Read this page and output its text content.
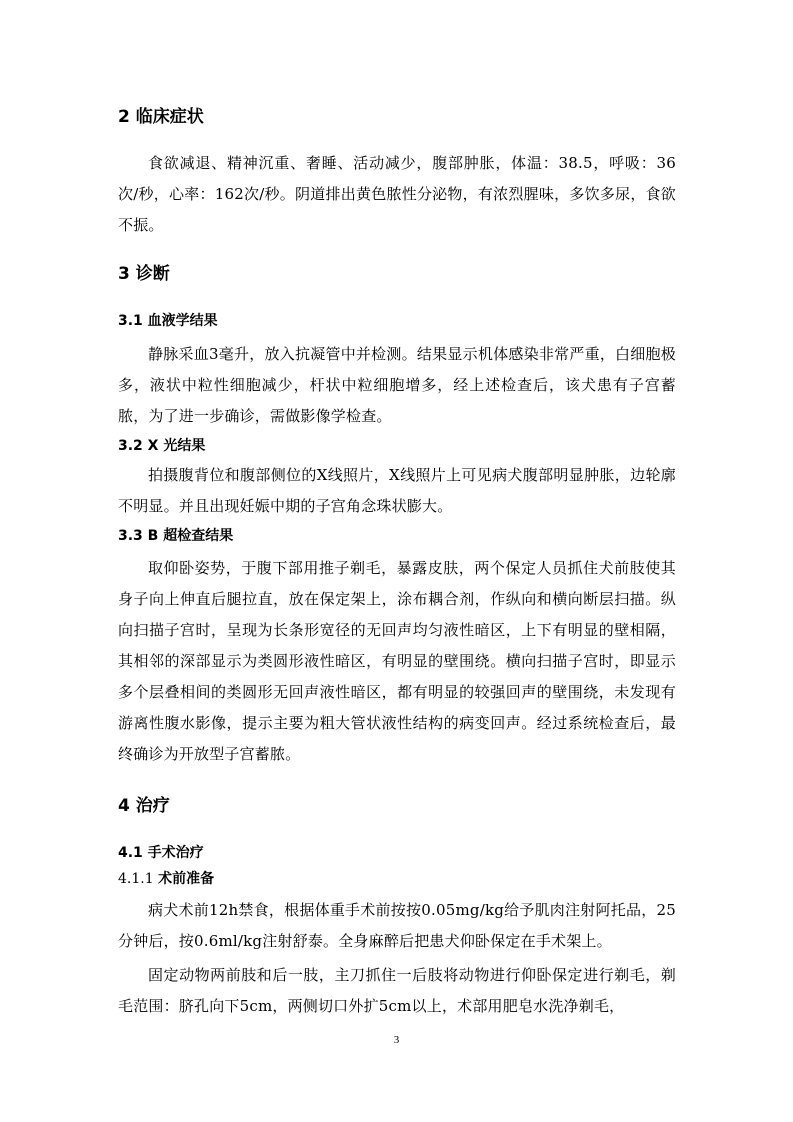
2 临床症状

食欲减退、精神沉重、奢睡、活动减少，腹部肿胀，体温：38.5，呼吸：36次/秒，心率：162次/秒。阴道排出黄色脓性分泌物，有浓烈腥味，多饮多尿，食欲不振。

3 诊断
3.1 血液学结果

静脉采血3毫升，放入抗凝管中并检测。结果显示机体感染非常严重，白细胞极多，液状中粒性细胞减少，杆状中粒细胞增多，经上述检查后，该犬患有子宫蓄脓，为了进一步确诊，需做影像学检查。

3.2 X 光结果

拍摄腹背位和腹部侧位的X线照片，X线照片上可见病犬腹部明显肿胀，边轮廓不明显。并且出现妊娠中期的子宫角念珠状膨大。

3.3 B 超检查结果

取仰卧姿势，于腹下部用推子剃毛，暴露皮肤，两个保定人员抓住犬前肢使其身子向上伸直后腿拉直，放在保定架上，涂布耦合剂，作纵向和横向断层扫描。纵向扫描子宫时，呈现为长条形宽径的无回声均匀液性暗区，上下有明显的壁相隔，其相邻的深部显示为类圆形液性暗区，有明显的壁围绕。横向扫描子宫时，即显示多个层叠相间的类圆形无回声液性暗区，都有明显的较强回声的壁围绕，未发现有游离性腹水影像，提示主要为粗大管状液性结构的病变回声。经过系统检查后，最终确诊为开放型子宫蓄脓。

4 治疗
4.1 手术治疗
4.1.1 术前准备

病犬术前12h禁食，根据体重手术前按按0.05mg/kg给予肌肉注射阿托品，25分钟后，按0.6ml/kg注射舒泰。全身麻醉后把患犬仰卧保定在手术架上。

固定动物两前肢和后一肢，主刀抓住一后肢将动物进行仰卧保定进行剃毛，剃毛范围：脐孔向下5cm，两侧切口外扩5cm以上，术部用肥皂水洗净剃毛，

3
